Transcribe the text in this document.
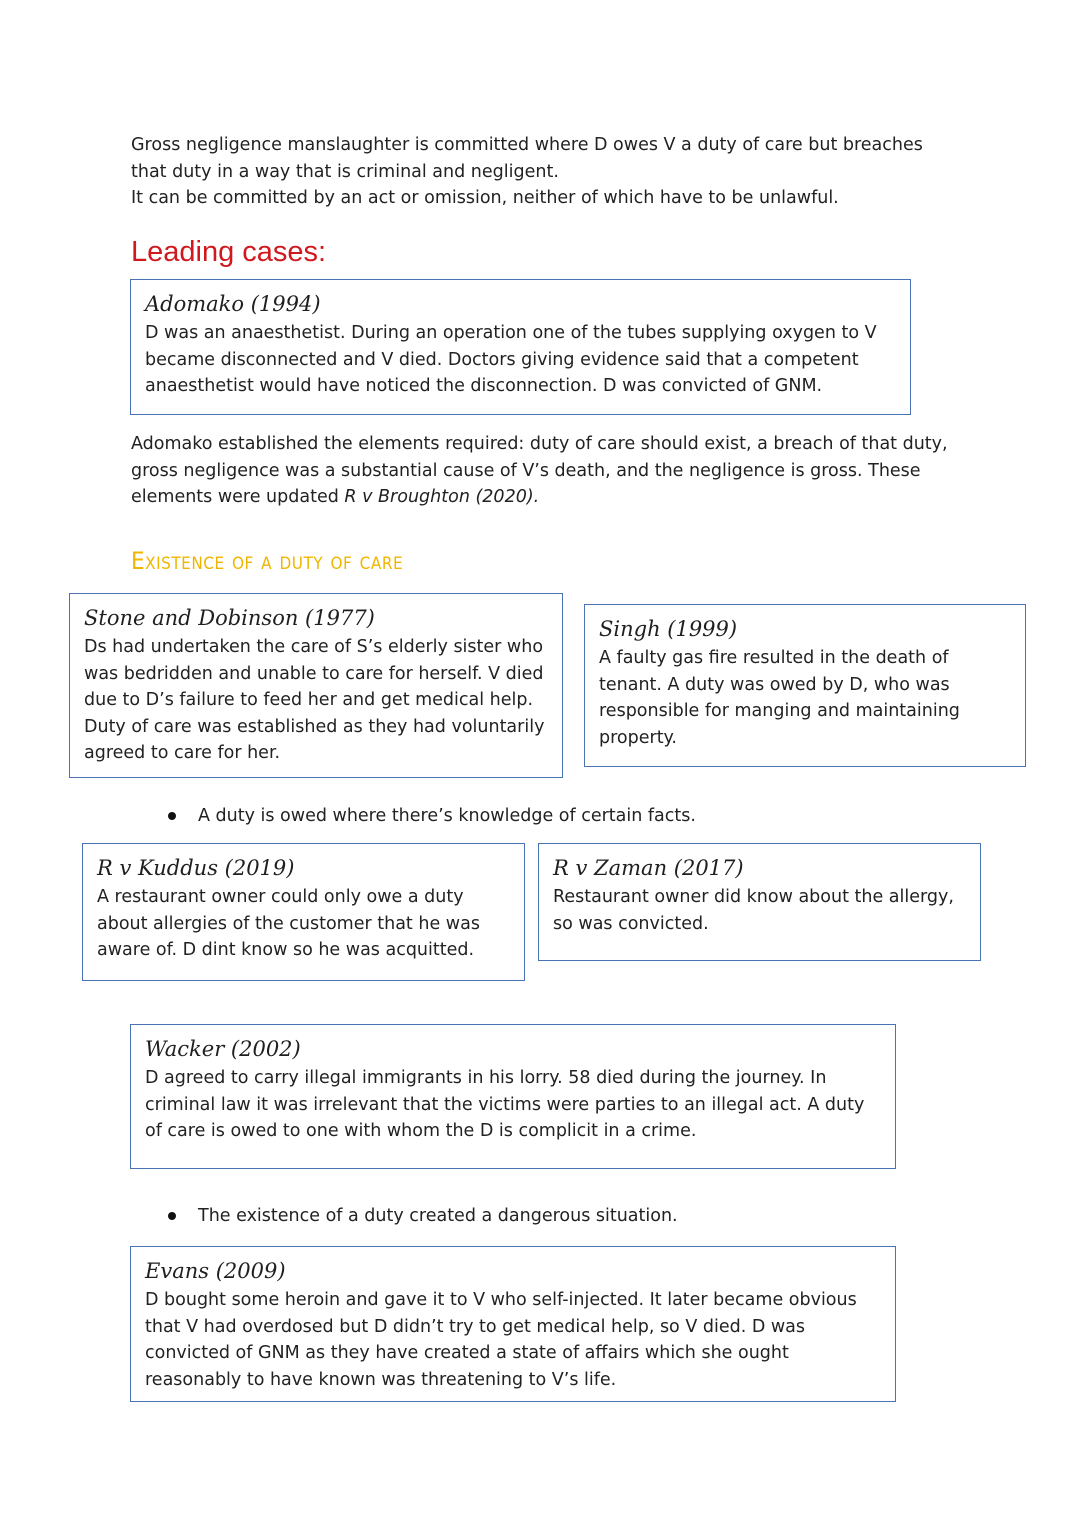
Gross negligence manslaughter is committed where D owes V a duty of care but breaches

that duty in a way that is criminal and negligent.

It can be committed by an act or omission, neither of which have to be unlawful.

Leading cases:

Adomako (1994)

D was an anaesthetist. During an operation one of the tubes supplying oxygen to V became disconnected and V died. Doctors giving evidence said that a competent anaesthetist would have noticed the disconnection. D was convicted of GNM.

Adomako established the elements required: duty of care should exist, a breach of that duty, gross negligence was a substantial cause of V’s death, and the negligence is gross. These elements were updated R v Broughton (2020).
Existence of a duty of care

Stone and Dobinson (1977)

Ds had undertaken the care of S’s elderly sister who was bedridden and unable to care for herself. V died due to D’s failure to feed her and get medical help. Duty of care was established as they had voluntarily agreed to care for her.

Singh (1999)

A faulty gas fire resulted in the death of tenant. A duty was owed by D, who was responsible for manging and maintaining property.

A duty is owed where there’s knowledge of certain facts.

R v Kuddus (2019)

A restaurant owner could only owe a duty about allergies of the customer that he was aware of. D dint know so he was acquitted.

R v Zaman (2017)

Restaurant owner did know about the allergy, so was convicted.

Wacker (2002)

D agreed to carry illegal immigrants in his lorry. 58 died during the journey. In criminal law it was irrelevant that the victims were parties to an illegal act. A duty of care is owed to one with whom the D is complicit in a crime.

The existence of a duty created a dangerous situation.

Evans (2009)

D bought some heroin and gave it to V who self-injected. It later became obvious that V had overdosed but D didn’t try to get medical help, so V died. D was convicted of GNM as they have created a state of affairs which she ought reasonably to have known was threatening to V’s life.
